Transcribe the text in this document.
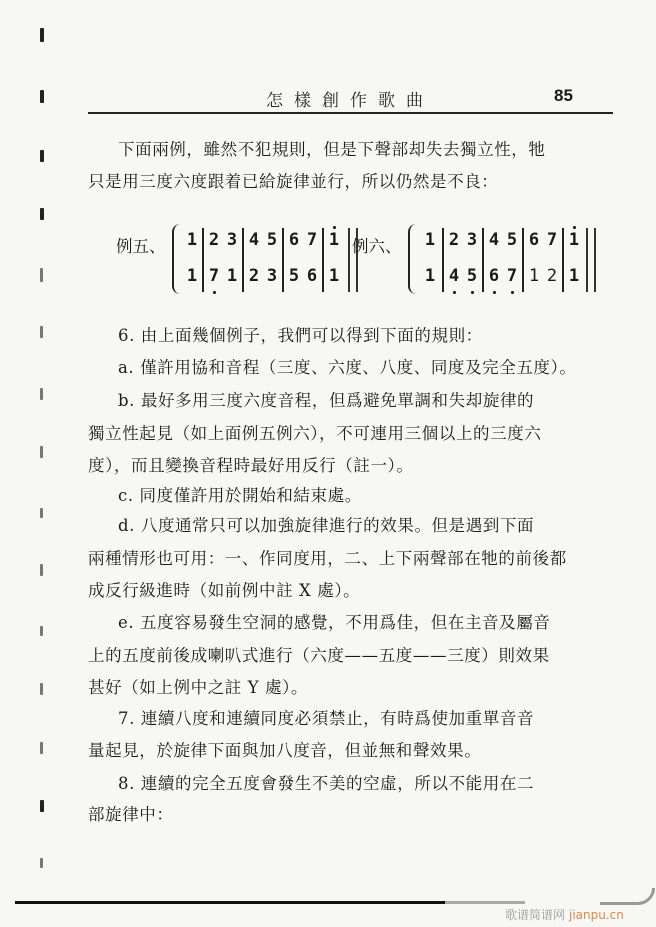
怎樣創作歌曲	85
下面兩例，雖然不犯規則，但是下聲部却失去獨立性，牠
只是用三度六度跟着已給旋律並行，所以仍然是不良：
例五、 1
1
2 3
7 1
4 5
2 3
6 7
5 6
1
1
例六、 1
1
2 3
4 5
4 5
6 7
6 7
1 2
1
1
6. 由上面幾個例子，我們可以得到下面的規則：
a. 僅許用協和音程（三度、六度、八度、同度及完全五度）。
b. 最好多用三度六度音程，但爲避免單調和失却旋律的
獨立性起見（如上面例五例六），不可連用三個以上的三度六
度），而且變換音程時最好用反行（註一）。
c. 同度僅許用於開始和結束處。
d. 八度通常只可以加強旋律進行的效果。但是遇到下面
兩種情形也可用：一、作同度用，二、上下兩聲部在牠的前後都
成反行級進時（如前例中註 X 處）。
e. 五度容易發生空洞的感覺，不用爲佳，但在主音及屬音
上的五度前後成喇叭式進行（六度——五度——三度）則效果
甚好（如上例中之註 Y 處）。
7. 連續八度和連續同度必須禁止，有時爲使加重單音音
量起見，於旋律下面與加八度音，但並無和聲效果。
8. 連續的完全五度會發生不美的空虛，所以不能用在二
部旋律中：
歌谱简谱网 jianpu.cn
